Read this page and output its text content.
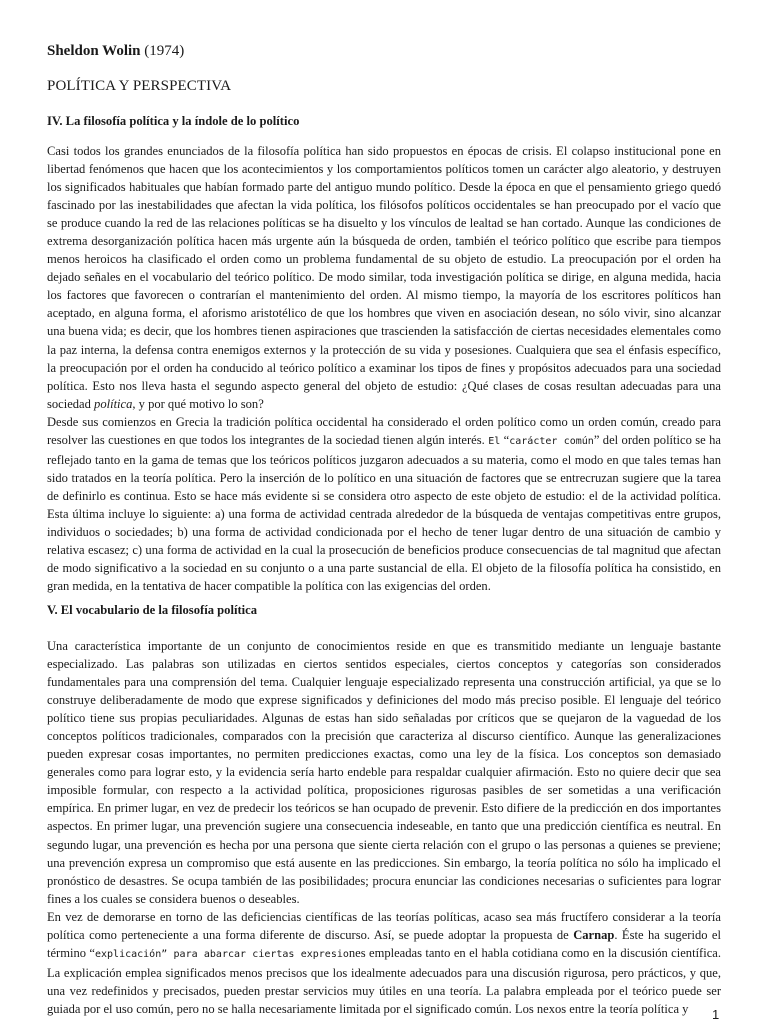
Sheldon Wolin (1974)
POLÍTICA Y PERSPECTIVA
IV. La filosofía política y la índole de lo político

Casi todos los grandes enunciados de la filosofía política han sido propuestos en épocas de crisis. El colapso institucional pone en libertad fenómenos que hacen que los acontecimientos y los comportamientos políticos tomen un carácter algo aleatorio, y destruyen los significados habituales que habían formado parte del antiguo mundo político. Desde la época en que el pensamiento griego quedó fascinado por las inestabilidades que afectan la vida política, los filósofos políticos occidentales se han preocupado por el vacío que se produce cuando la red de las relaciones políticas se ha disuelto y los vínculos de lealtad se han cortado. Aunque las condiciones de extrema desorganización política hacen más urgente aún la búsqueda de orden, también el teórico político que escribe para tiempos menos heroicos ha clasificado el orden como un problema fundamental de su objeto de estudio. La preocupación por el orden ha dejado señales en el vocabulario del teórico político. De modo similar, toda investigación política se dirige, en alguna medida, hacia los factores que favorecen o contrarían el mantenimiento del orden. Al mismo tiempo, la mayoría de los escritores políticos han aceptado, en alguna forma, el aforismo aristotélico de que los hombres que viven en asociación desean, no sólo vivir, sino alcanzar una buena vida; es decir, que los hombres tienen aspiraciones que trascienden la satisfacción de ciertas necesidades elementales como la paz interna, la defensa contra enemigos externos y la protección de su vida y posesiones. Cualquiera que sea el énfasis específico, la preocupación por el orden ha conducido al teórico político a examinar los tipos de fines y propósitos adecuados para una sociedad política. Esto nos lleva hasta el segundo aspecto general del objeto de estudio: ¿Qué clases de cosas resultan adecuadas para una sociedad política, y por qué motivo lo son?

Desde sus comienzos en Grecia la tradición política occidental ha considerado el orden político como un orden común, creado para resolver las cuestiones en que todos los integrantes de la sociedad tienen algún interés. El “carácter común” del orden político se ha reflejado tanto en la gama de temas que los teóricos políticos juzgaron adecuados a su materia, como el modo en que tales temas han sido tratados en la teoría política. Pero la inserción de lo político en una situación de factores que se entrecruzan sugiere que la tarea de definirlo es continua. Esto se hace más evidente si se considera otro aspecto de este objeto de estudio: el de la actividad política. Esta última incluye lo siguiente: a) una forma de actividad centrada alrededor de la búsqueda de ventajas competitivas entre grupos, individuos o sociedades; b) una forma de actividad condicionada por el hecho de tener lugar dentro de una situación de cambio y relativa escasez; c) una forma de actividad en la cual la prosecución de beneficios produce consecuencias de tal magnitud que afectan de modo significativo a la sociedad en su conjunto o a una parte sustancial de ella. El objeto de la filosofía política ha consistido, en gran medida, en la tentativa de hacer compatible la política con las exigencias del orden.

V. El vocabulario de la filosofía política

Una característica importante de un conjunto de conocimientos reside en que es transmitido mediante un lenguaje bastante especializado. Las palabras son utilizadas en ciertos sentidos especiales, ciertos conceptos y categorías son considerados fundamentales para una comprensión del tema. Cualquier lenguaje especializado representa una construcción artificial, ya que se lo construye deliberadamente de modo que exprese significados y definiciones del modo más preciso posible. El lenguaje del teórico político tiene sus propias peculiaridades. Algunas de estas han sido señaladas por críticos que se quejaron de la vaguedad de los conceptos políticos tradicionales, comparados con la precisión que caracteriza al discurso científico. Aunque las generalizaciones pueden expresar cosas importantes, no permiten predicciones exactas, como una ley de la física. Los conceptos son demasiado generales como para lograr esto, y la evidencia sería harto endeble para respaldar cualquier afirmación. Esto no quiere decir que sea imposible formular, con respecto a la actividad política, proposiciones rigurosas pasibles de ser sometidas a una verificación empírica. En primer lugar, en vez de predecir los teóricos se han ocupado de prevenir. Esto difiere de la predicción en dos importantes aspectos. En primer lugar, una prevención sugiere una consecuencia indeseable, en tanto que una predicción científica es neutral. En segundo lugar, una prevención es hecha por una persona que siente cierta relación con el grupo o las personas a quienes se previene; una prevención expresa un compromiso que está ausente en las predicciones. Sin embargo, la teoría política no sólo ha implicado el pronóstico de desastres. Se ocupa también de las posibilidades; procura enunciar las condiciones necesarias o suficientes para lograr fines a los cuales se considera buenos o deseables.

En vez de demorarse en torno de las deficiencias científicas de las teorías políticas, acaso sea más fructífero considerar a la teoría política como perteneciente a una forma diferente de discurso. Así, se puede adoptar la propuesta de Carnap. Éste ha sugerido el término “explicación” para abarcar ciertas expresiones empleadas tanto en el habla cotidiana como en la discusión científica. La explicación emplea significados menos precisos que los idealmente adecuados para una discusión rigurosa, pero prácticos, y que, una vez redefinidos y precisados, pueden prestar servicios muy útiles en una teoría. La palabra empleada por el teórico puede ser guiada por el uso común, pero no se halla necesariamente limitada por el significado común. Los nexos entre la teoría política y	1
